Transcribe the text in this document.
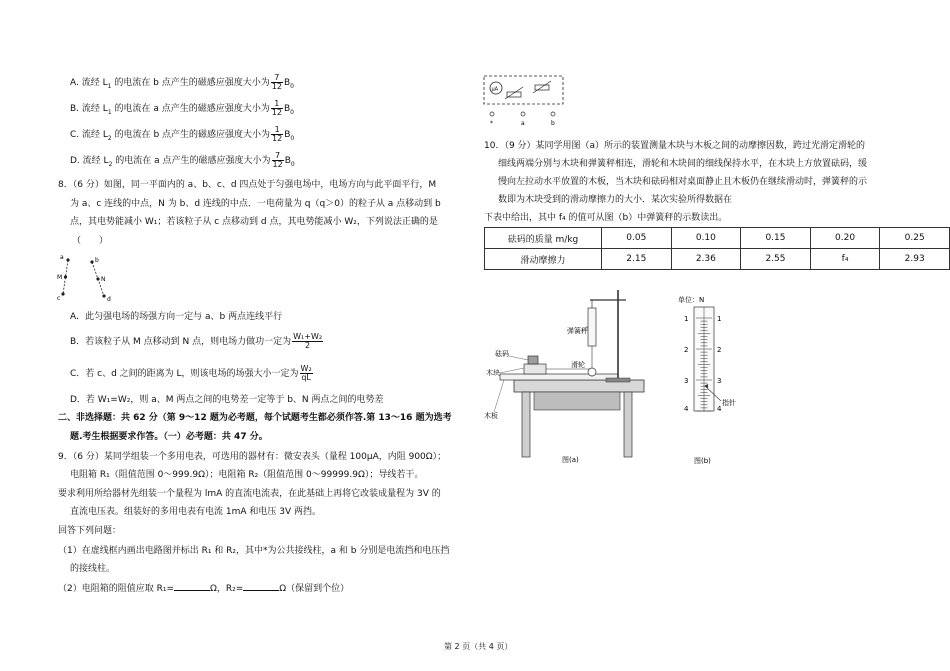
A. 流经 $L_1$ 的电流在 b 点产生的磁感应强度大小为 $\frac{7}{12} B_0$
B. 流经 $L_1$ 的电流在 a 点产生的磁感应强度大小为 $\frac{1}{12} B_0$
C. 流经 $L_2$ 的电流在 b 点产生的磁感应强度大小为 $\frac{1}{12} B_0$
D. 流经 $L_2$ 的电流在 a 点产生的磁感应强度大小为 $\frac{7}{12} B_0$
8．（6 分）如图，同一平面内的 a、b、c、d 四点处于匀强电场中，电场方向与此平面平行，M
为 a、c 连线的中点，N 为 b、d 连线的中点．一电荷量为 q（q＞0）的粒子从 a 点移动到 b
点，其电势能减小 W₁；若该粒子从 c 点移动到 d 点，其电势能减小 W₂，下列说法正确的是
（　　）
a	b
M	N
c	d
A．此匀强电场的场强方向一定与 a、b 两点连线平行
B．若该粒子从 M 点移动到 N 点，则电场力做功一定为 $\frac{\text{W₁+W₂}}{2}$
C．若 c、d 之间的距离为 L，则该电场的场强大小一定为 $\frac{\text{W₂}}{qL}$
D．若 W₁=W₂，则 a、M 两点之间的电势差一定等于 b、N 两点之间的电势差
二、非选择题：共 62 分（第 9～12 题为必考题，每个试题考生都必须作答.第 13～16 题为选考
题.考生根据要求作答。（一）必考题：共 47 分。
9．（6 分）某同学组装一个多用电表，可选用的器材有：微安表头（量程 100μA，内阻 900Ω）；
电阻箱 R₁（阻值范围 0～999.9Ω）；电阻箱 R₂（阻值范围 0～99999.9Ω）；导线若干。
要求利用所给器材先组装一个量程为 lmA 的直流电流表，在此基础上再将它改装成量程为 3V 的
直流电压表。组装好的多用电表有电流 1mA 和电压 3V 两挡。
回答下列问题：
（1）在虚线框内画出电路图并标出 R₁ 和 R₂，其中*为公共接线柱，a 和 b 分别是电流挡和电压挡
的接线柱。
（2）电阻箱的阻值应取 R₁=	Ω，R₂=	Ω（保留到个位）
μA
*	a	b
10．（9 分）某同学用图（a）所示的装置测量木块与木板之间的动摩擦因数，跨过光滑定滑轮的
细线两端分别与木块和弹簧秤相连，滑轮和木块间的细线保持水平，在木块上方放置砝码，缓
慢向左拉动水平放置的木板，当木块和砝码相对桌面静止且木板仍在继续滑动时，弹簧秤的示
数即为木块受到的滑动摩擦力的大小．某次实验所得数据在
下表中给出，其中 f₄ 的值可从图（b）中弹簧秤的示数读出。
砝码的质量 m/kg	0.05	0.10	0.15	0.20	0.25
滑动摩擦力	2.15	2.36	2.55	f₄	2.93
弹簧秤
砝码
滑轮
木块
木板
图(a)
单位：N
1
2
3
4
1
2
3
4
指针
图(b)
第 2 页（共 4 页）
